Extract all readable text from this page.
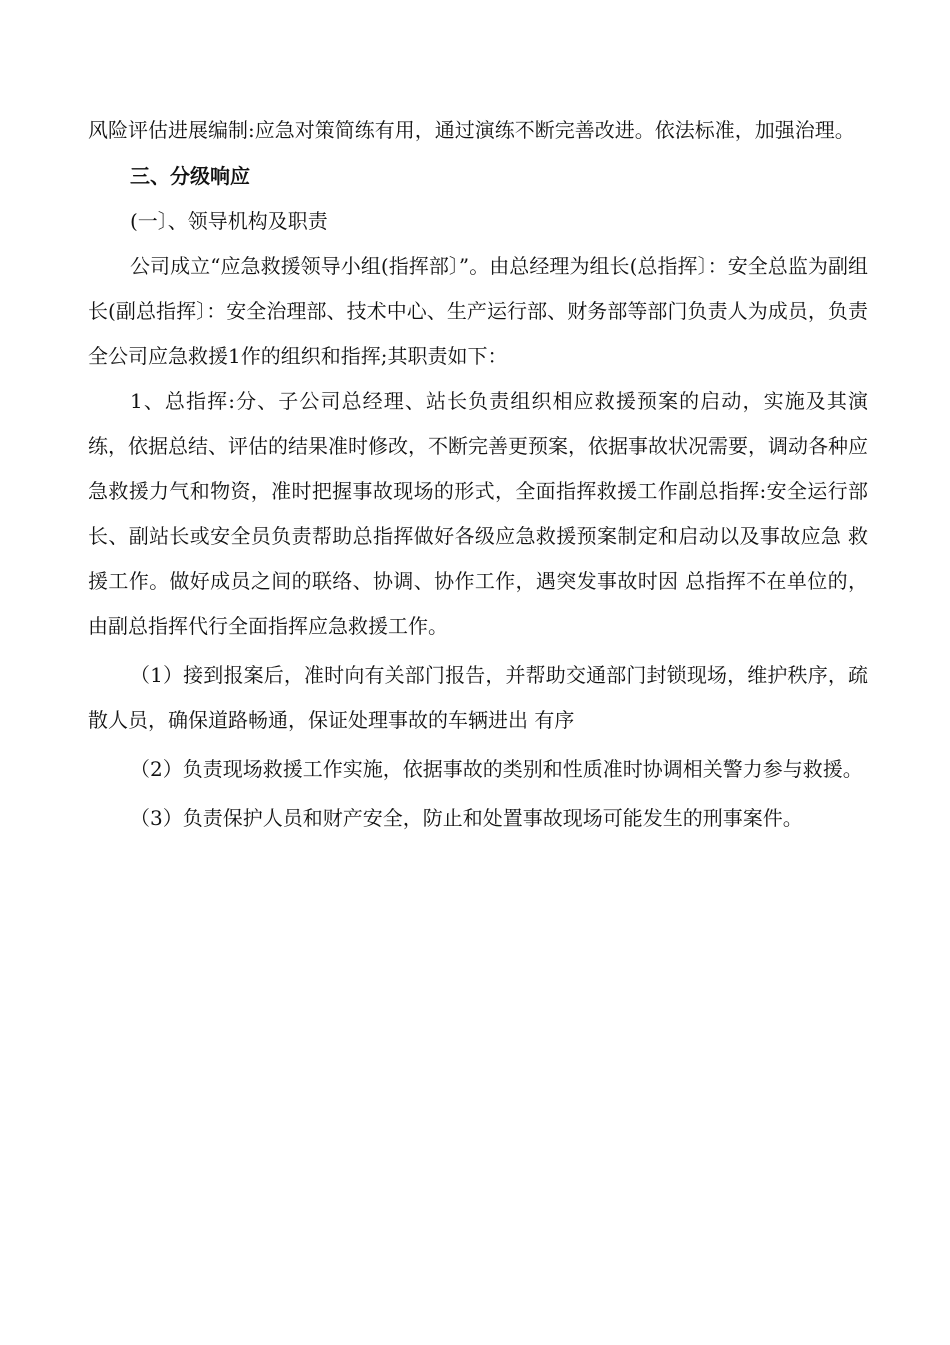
风险评估进展编制:应急对策简练有用，通过演练不断完善改进。依法标准，加强治理。

三、分级响应

(一〕、领导机构及职责

公司成立“应急救援领导小组(指挥部〕”。由总经理为组长(总指挥〕：安全总监为副组长(副总指挥〕：安全治理部、技术中心、生产运行部、财务部等部门负责人为成员，负责全公司应急救援1作的组织和指挥;其职责如下：

1、总指挥:分、子公司总经理、站长负责组织相应救援预案的启动，实施及其演练，依据总结、评估的结果准时修改，不断完善更预案，依据事故状况需要，调动各种应急救援力气和物资，准时把握事故现场的形式，全面指挥救援工作副总指挥:安全运行部长、副站长或安全员负责帮助总指挥做好各级应急救援预案制定和启动以及事故应急 救援工作。做好成员之间的联络、协调、协作工作，遇突发事故时因 总指挥不在单位的，由副总指挥代行全面指挥应急救援工作。

（1）接到报案后，准时向有关部门报告，并帮助交通部门封锁现场，维护秩序，疏散人员，确保道路畅通，保证处理事故的车辆进出 有序

（2）负责现场救援工作实施，依据事故的类别和性质准时协调相关警力参与救援。

（3）负责保护人员和财产安全，防止和处置事故现场可能发生的刑事案件。
